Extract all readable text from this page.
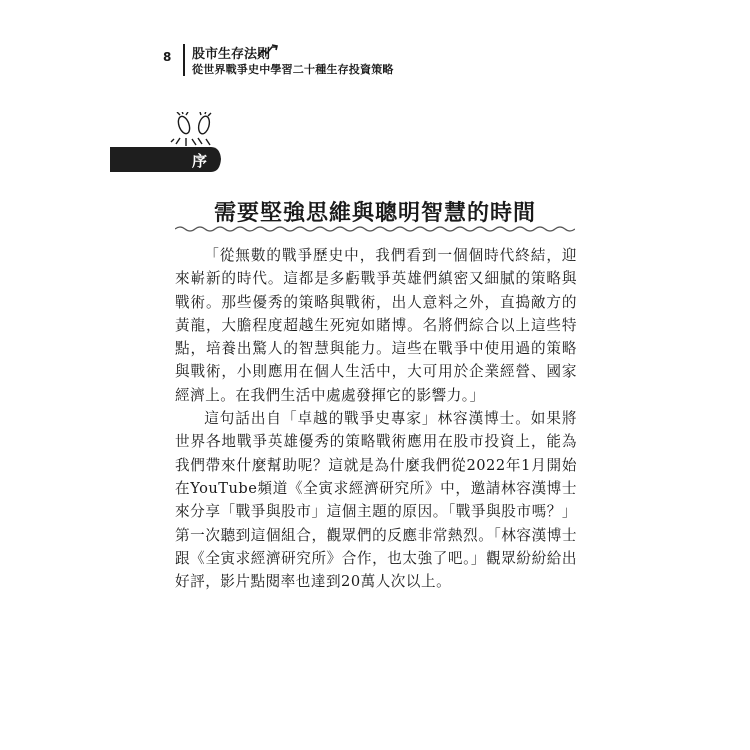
8	股市生存法則
從世界戰爭史中學習二十種生存投資策略
序
需要堅強思維與聰明智慧的時間

「從無數的戰爭歷史中，我們看到一個個時代終結，迎來嶄新的時代。這都是多虧戰爭英雄們縝密又細膩的策略與戰術。那些優秀的策略與戰術，出人意料之外，直搗敵方的黃龍，大膽程度超越生死宛如賭博。名將們綜合以上這些特點，培養出驚人的智慧與能力。這些在戰爭中使用過的策略與戰術，小則應用在個人生活中，大可用於企業經營、國家經濟上。在我們生活中處處發揮它的影響力。」

這句話出自「卓越的戰爭史專家」林容漢博士。如果將世界各地戰爭英雄優秀的策略戰術應用在股市投資上，能為我們帶來什麼幫助呢？這就是為什麼我們從2022年1月開始在YouTube頻道《全寅求經濟研究所》中，邀請林容漢博士來分享「戰爭與股市」這個主題的原因。「戰爭與股市嗎？」第一次聽到這個組合，觀眾們的反應非常熱烈。「林容漢博士跟《全寅求經濟研究所》合作，也太強了吧。」觀眾紛紛給出好評，影片點閱率也達到20萬人次以上。
